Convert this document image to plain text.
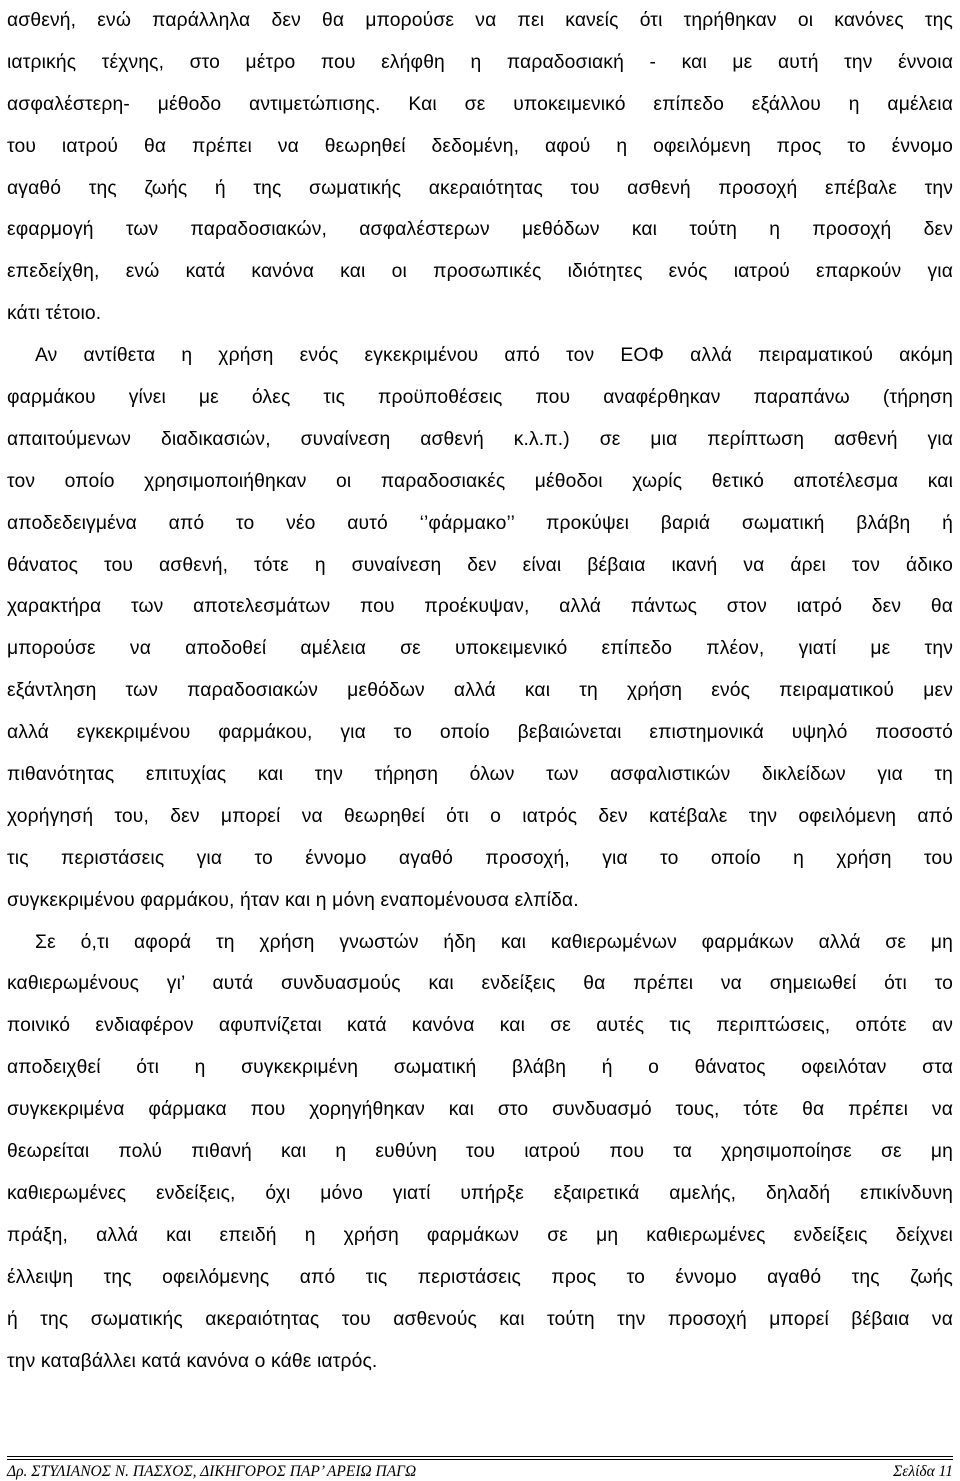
ασθενή, ενώ παράλληλα δεν θα μπορούσε να πει κανείς ότι τηρήθηκαν οι κανόνες της
ιατρικής τέχνης, στο μέτρο που ελήφθη η παραδοσιακή - και με αυτή την έννοια
ασφαλέστερη- μέθοδο αντιμετώπισης. Και σε υποκειμενικό επίπεδο εξάλλου η αμέλεια
του ιατρού θα πρέπει να θεωρηθεί δεδομένη, αφού η οφειλόμενη προς το έννομο
αγαθό της ζωής ή της σωματικής ακεραιότητας του ασθενή προσοχή επέβαλε την
εφαρμογή των παραδοσιακών, ασφαλέστερων μεθόδων και τούτη η προσοχή δεν
επεδείχθη, ενώ κατά κανόνα και οι προσωπικές ιδιότητες ενός ιατρού επαρκούν για
κάτι τέτοιο.
Αν αντίθετα η χρήση ενός εγκεκριμένου από τον ΕΟΦ αλλά πειραματικού ακόμη
φαρμάκου γίνει με όλες τις προϋποθέσεις που αναφέρθηκαν παραπάνω (τήρηση
απαιτούμενων διαδικασιών, συναίνεση ασθενή κ.λ.π.) σε μια περίπτωση ασθενή για
τον οποίο χρησιμοποιήθηκαν οι παραδοσιακές μέθοδοι χωρίς θετικό αποτέλεσμα και
αποδεδειγμένα από το νέο αυτό ‘’φάρμακο’’ προκύψει βαριά σωματική βλάβη ή
θάνατος του ασθενή, τότε η συναίνεση δεν είναι βέβαια ικανή να άρει τον άδικο
χαρακτήρα των αποτελεσμάτων που προέκυψαν, αλλά πάντως στον ιατρό δεν θα
μπορούσε να αποδοθεί αμέλεια σε υποκειμενικό επίπεδο πλέον, γιατί με την
εξάντληση των παραδοσιακών μεθόδων αλλά και τη χρήση ενός πειραματικού μεν
αλλά εγκεκριμένου φαρμάκου, για το οποίο βεβαιώνεται επιστημονικά υψηλό ποσοστό
πιθανότητας επιτυχίας και την τήρηση όλων των ασφαλιστικών δικλείδων για τη
χορήγησή του, δεν μπορεί να θεωρηθεί ότι ο ιατρός δεν κατέβαλε την οφειλόμενη από
τις περιστάσεις για το έννομο αγαθό προσοχή, για το οποίο η χρήση του
συγκεκριμένου φαρμάκου, ήταν και η μόνη εναπομένουσα ελπίδα.
Σε ό,τι αφορά τη χρήση γνωστών ήδη και καθιερωμένων φαρμάκων αλλά σε μη
καθιερωμένους γι’ αυτά συνδυασμούς και ενδείξεις θα πρέπει να σημειωθεί ότι το
ποινικό ενδιαφέρον αφυπνίζεται κατά κανόνα και σε αυτές τις περιπτώσεις, οπότε αν
αποδειχθεί ότι η συγκεκριμένη σωματική βλάβη ή ο θάνατος οφειλόταν στα
συγκεκριμένα φάρμακα που χορηγήθηκαν και στο συνδυασμό τους, τότε θα πρέπει να
θεωρείται πολύ πιθανή και η ευθύνη του ιατρού που τα χρησιμοποίησε σε μη
καθιερωμένες ενδείξεις, όχι μόνο γιατί υπήρξε εξαιρετικά αμελής, δηλαδή επικίνδυνη
πράξη, αλλά και επειδή η χρήση φαρμάκων σε μη καθιερωμένες ενδείξεις δείχνει
έλλειψη της οφειλόμενης από τις περιστάσεις προς το έννομο αγαθό της ζωής
ή της σωματικής ακεραιότητας του ασθενούς και τούτη την προσοχή μπορεί βέβαια να
την καταβάλλει κατά κανόνα ο κάθε ιατρός.
Δρ. ΣΤΥΛΙΑΝΟΣ Ν. ΠΑΣΧΟΣ, ΔΙΚΗΓΟΡΟΣ ΠΑΡ’ ΑΡΕΙΩ ΠΑΓΩ	Σελίδα 11
